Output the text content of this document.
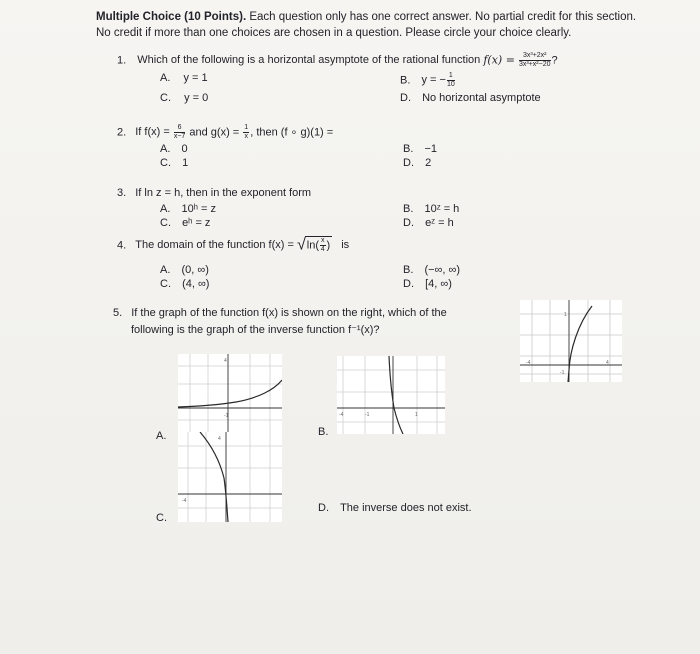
Multiple Choice (10 Points). Each question only has one correct answer. No partial credit for this section.
No credit if more than one choices are chosen in a question. Please circle your choice clearly.
1. Which of the following is a horizontal asymptote of the rational function $f(x) = \frac{\text{3x³+2x²}}{\text{3x³+x²−20}}$ ?
A. y = 1	B. y = − $\frac{1}{10}$
C. y = 0	D. No horizontal asymptote
2. If $f(x) = \frac{6}{x-7}$ and $g(x) = \frac{1}{x}$ , then (f ∘ g)(1) =
A. 0	B. −1
C. 1	D. 2
3. If ln z = h, then in the exponent form
A. 10ʰ = z	B. 10ᶻ = h
C. eʰ = z	D. eᶻ = h
4. The domain of the function $f(x) = √\ln( \frac{x}{4}$ ) is
A. (0, ∞)	B. (−∞, ∞)
C. (4, ∞)	D. [4, ∞)
5. If the graph of the function f(x) is shown on the right, which of the
following is the graph of the inverse function f⁻¹(x)?
-1
-4	4
1
4
-1
A.
-4	-1	1
B.
4
-4
C.
D. The inverse does not exist.
